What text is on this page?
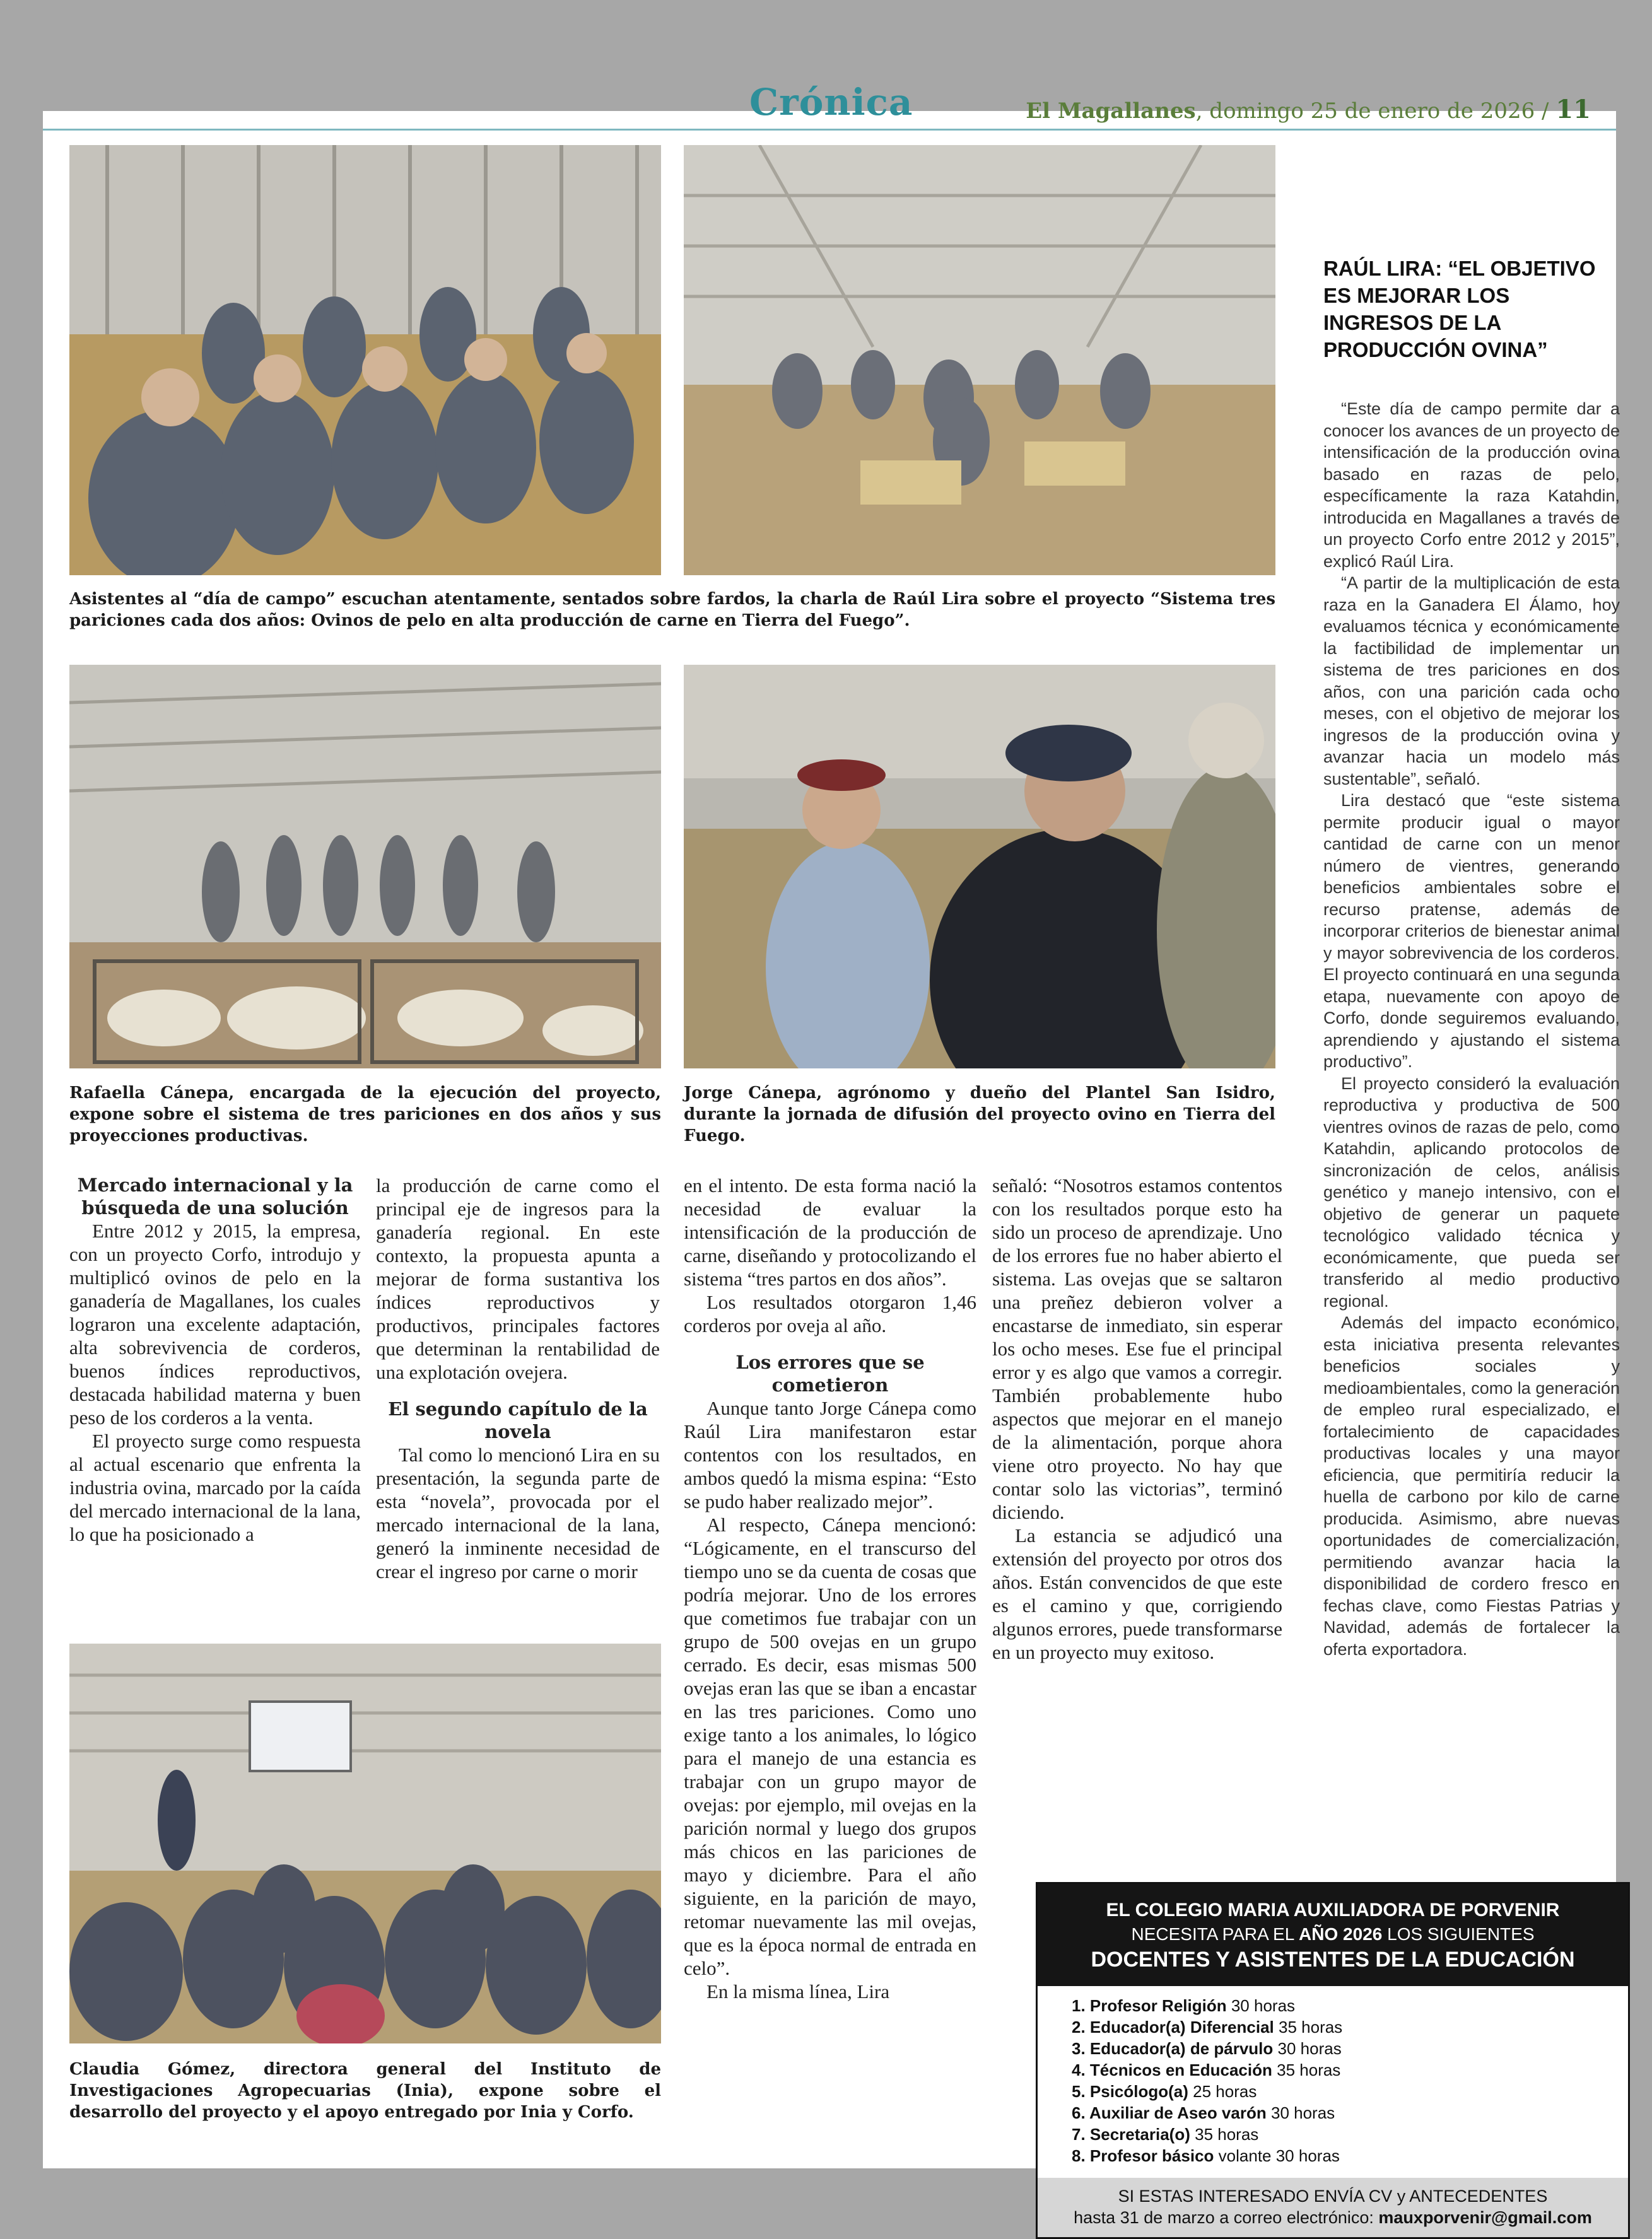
Crónica	El Magallanes, domingo 25 de enero de 2026 / 11
Asistentes al “día de campo” escuchan atentamente, sentados sobre fardos, la charla de Raúl Lira sobre el proyecto “Sistema tres pariciones cada dos años: Ovinos de pelo en alta producción de carne en Tierra del Fuego”.
Rafaella Cánepa, encargada de la ejecución del proyecto, expone sobre el sistema de tres pariciones en dos años y sus proyecciones productivas.
Jorge Cánepa, agrónomo y dueño del Plantel San Isidro, durante la jornada de difusión del proyecto ovino en Tierra del Fuego.
Mercado internacional y la búsqueda de una solución

Entre 2012 y 2015, la empresa, con un proyecto Corfo, introdujo y multiplicó ovinos de pelo en la ganadería de Magallanes, los cuales lograron una excelente adaptación, alta sobrevivencia de corderos, buenos índices reproductivos, destacada habilidad materna y buen peso de los corderos a la venta.

El proyecto surge como respuesta al actual escenario que enfrenta la industria ovina, marcado por la caída del mercado internacional de la lana, lo que ha posicionado a

la producción de carne como el principal eje de ingresos para la ganadería regional. En este contexto, la propuesta apunta a mejorar de forma sustantiva los índices reproductivos y productivos, principales factores que determinan la rentabilidad de una explotación ovejera.

El segundo capítulo de la novela

Tal como lo mencionó Lira en su presentación, la segunda parte de esta “novela”, provocada por el mercado internacional de la lana, generó la inminente necesidad de crear el ingreso por carne o morir

Claudia Gómez, directora general del Instituto de Investigaciones Agropecuarias (Inia), expone sobre el desarrollo del proyecto y el apoyo entregado por Inia y Corfo.

en el intento. De esta forma nació la necesidad de evaluar la intensificación de la producción de carne, diseñando y protocolizando el sistema “tres partos en dos años”.

Los resultados otorgaron 1,46 corderos por oveja al año.

Los errores que se cometieron

Aunque tanto Jorge Cánepa como Raúl Lira manifestaron estar contentos con los resultados, en ambos quedó la misma espina: “Esto se pudo haber realizado mejor”.

Al respecto, Cánepa mencionó: “Lógicamente, en el transcurso del tiempo uno se da cuenta de cosas que podría mejorar. Uno de los errores que cometimos fue trabajar con un grupo de 500 ovejas en un grupo cerrado. Es decir, esas mismas 500 ovejas eran las que se iban a encastar en las tres pariciones. Como uno exige tanto a los animales, lo lógico para el manejo de una estancia es trabajar con un grupo mayor de ovejas: por ejemplo, mil ovejas en la parición normal y luego dos grupos más chicos en las pariciones de mayo y diciembre. Para el año siguiente, en la parición de mayo, retomar nuevamente las mil ovejas, que es la época normal de entrada en celo”.

En la misma línea, Lira

señaló: “Nosotros estamos contentos con los resultados porque esto ha sido un proceso de aprendizaje. Uno de los errores fue no haber abierto el sistema. Las ovejas que se saltaron una preñez debieron volver a encastarse de inmediato, sin esperar los ocho meses. Ese fue el principal error y es algo que vamos a corregir. También probablemente hubo aspectos que mejorar en el manejo de la alimentación, porque ahora viene otro proyecto. No hay que contar solo las victorias”, terminó diciendo.

La estancia se adjudicó una extensión del proyecto por otros dos años. Están convencidos de que este es el camino y que, corrigiendo algunos errores, puede transformarse en un proyecto muy exitoso.

RAÚL LIRA: “EL OBJETIVO ES MEJORAR LOS INGRESOS DE LA PRODUCCIÓN OVINA”

“Este día de campo permite dar a conocer los avances de un proyecto de intensificación de la producción ovina basado en razas de pelo, específicamente la raza Katahdin, introducida en Magallanes a través de un proyecto Corfo entre 2012 y 2015”, explicó Raúl Lira.

“A partir de la multiplicación de esta raza en la Ganadera El Álamo, hoy evaluamos técnica y económicamente la factibilidad de implementar un sistema de tres pariciones en dos años, con una parición cada ocho meses, con el objetivo de mejorar los ingresos de la producción ovina y avanzar hacia un modelo más sustentable”, señaló.

Lira destacó que “este sistema permite producir igual o mayor cantidad de carne con un menor número de vientres, generando beneficios ambientales sobre el recurso pratense, además de incorporar criterios de bienestar animal y mayor sobrevivencia de los corderos. El proyecto continuará en una segunda etapa, nuevamente con apoyo de Corfo, donde seguiremos evaluando, aprendiendo y ajustando el sistema productivo”.

El proyecto consideró la evaluación reproductiva y productiva de 500 vientres ovinos de razas de pelo, como Katahdin, aplicando protocolos de sincronización de celos, análisis genético y manejo intensivo, con el objetivo de generar un paquete tecnológico validado técnica y económicamente, que pueda ser transferido al medio productivo regional.

Además del impacto económico, esta iniciativa presenta relevantes beneficios sociales y medioambientales, como la generación de empleo rural especializado, el fortalecimiento de capacidades productivas locales y una mayor eficiencia, que permitiría reducir la huella de carbono por kilo de carne producida. Asimismo, abre nuevas oportunidades de comercialización, permitiendo avanzar hacia la disponibilidad de cordero fresco en fechas clave, como Fiestas Patrias y Navidad, además de fortalecer la oferta exportadora.

EL COLEGIO MARIA AUXILIADORA DE PORVENIR
NECESITA PARA EL AÑO 2026 LOS SIGUIENTES
DOCENTES Y ASISTENTES DE LA EDUCACIÓN
1. Profesor Religión 30 horas
2. Educador(a) Diferencial 35 horas
3. Educador(a) de párvulo 30 horas
4. Técnicos en Educación 35 horas
5. Psicólogo(a) 25 horas
6. Auxiliar de Aseo varón 30 horas
7. Secretaria(o) 35 horas
8. Profesor básico volante 30 horas
SI ESTAS INTERESADO ENVÍA CV y ANTECEDENTES
hasta 31 de marzo a correo electrónico: mauxporvenir@gmail.com
